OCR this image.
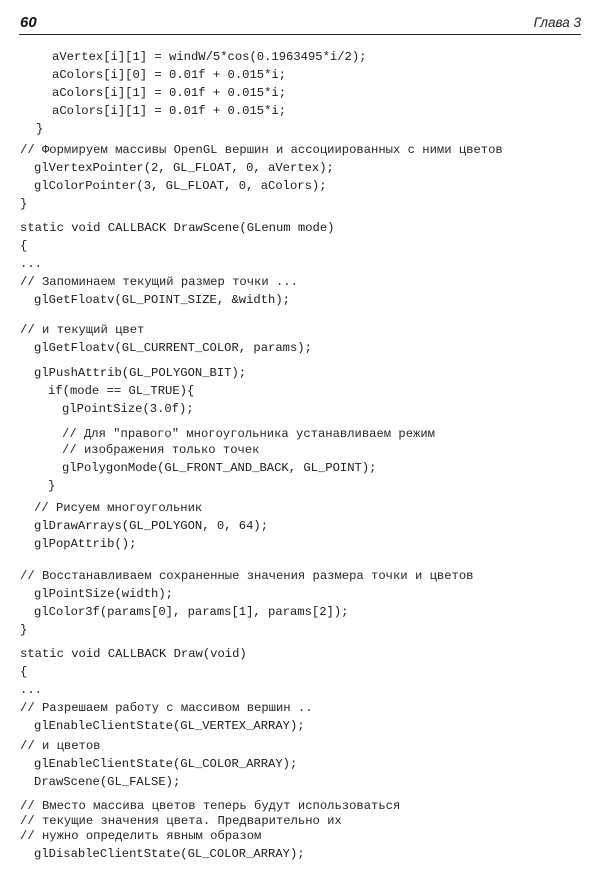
60	Глава 3
aVertex[i][1] = windW/5*cos(0.1963495*i/2);
aColors[i][0] = 0.01f + 0.015*i;
aColors[i][1] = 0.01f + 0.015*i;
aColors[i][1] = 0.01f + 0.015*i;
}
// Формируем массивы OpenGL вершин и ассоциированных с ними цветов
glVertexPointer(2, GL_FLOAT, 0, aVertex);
glColorPointer(3, GL_FLOAT, 0, aColors);
}
static void CALLBACK DrawScene(GLenum mode)
{
...
// Запоминаем текущий размер точки ...
glGetFloatv(GL_POINT_SIZE, &width);
// и текущий цвет
glGetFloatv(GL_CURRENT_COLOR, params);
glPushAttrib(GL_POLYGON_BIT);
if(mode == GL_TRUE){
glPointSize(3.0f);
// Для "правого" многоугольника устанавливаем режим
// изображения только точек
glPolygonMode(GL_FRONT_AND_BACK, GL_POINT);
}
// Рисуем многоугольник
glDrawArrays(GL_POLYGON, 0, 64);
glPopAttrib();
// Восстанавливаем сохраненные значения размера точки и цветов
glPointSize(width);
glColor3f(params[0], params[1], params[2]);
}
static void CALLBACK Draw(void)
{
...
// Разрешаем работу с массивом вершин ..
glEnableClientState(GL_VERTEX_ARRAY);
// и цветов
glEnableClientState(GL_COLOR_ARRAY);
DrawScene(GL_FALSE);
// Вместо массива цветов теперь будут использоваться
// текущие значения цвета. Предварительно их
// нужно определить явным образом
glDisableClientState(GL_COLOR_ARRAY);
